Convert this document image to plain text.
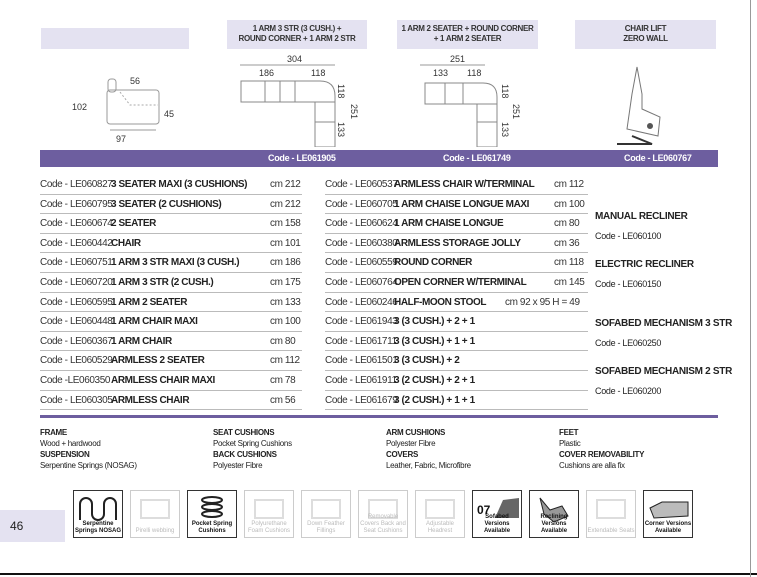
1 ARM 3 STR (3 CUSH.) +
ROUND CORNER + 1 ARM 2 STR
1 ARM 2 SEATER + ROUND CORNER
+ 1 ARM 2 SEATER
CHAIR LIFT
ZERO WALL
56
102
45
97
304
186	118
118
133
251
251
133 118
118
133
251
Code - LE061905	Code - LE061749	Code - LE060767
Code - LE060827
3 SEATER MAXI (3 CUSHIONS) cm 212
Code - LE060795
3 SEATER (2 CUSHIONS)	cm 212
Code - LE060674
2 SEATER	cm 158
Code - LE060442
CHAIR	cm 101
Code - LE060751
1 ARM 3 STR MAXI (3 CUSH.)	cm 186
Code - LE060720
1 ARM 3 STR (2 CUSH.)	cm 175
Code - LE060595
1 ARM 2 SEATER	cm 133
Code - LE060448
1 ARM CHAIR MAXI	cm 100
Code - LE060367
1 ARM CHAIR	cm 80
Code - LE060529
ARMLESS 2 SEATER	cm 112
Code -LE060350 ARMLESS CHAIR MAXI	cm 78
Code - LE060305
ARMLESS CHAIR	cm 56
Code - LE060537
ARMLESS CHAIR W/TERMINAL cm 112
Code - LE060705
1 ARM CHAISE LONGUE MAXI cm 100
Code - LE060624
1 ARM CHAISE LONGUE	cm 80
Code - LE060380
ARMLESS STORAGE JOLLY	cm 36
Code - LE060559
ROUND CORNER	cm 118
Code - LE060764
OPEN CORNER W/TERMINAL	cm 145
Code - LE060246
HALF-MOON STOOL cm 92 x 95 H = 49
Code - LE061943
3 (3 CUSH.) + 2 + 1
Code - LE061711
3 (3 CUSH.) + 1 + 1
Code - LE061501
3 (3 CUSH.) + 2
Code - LE061911
3 (2 CUSH.) + 2 + 1
Code - LE061679
3 (2 CUSH.) + 1 + 1
MANUAL RECLINER
Code - LE060100
ELECTRIC RECLINER
Code - LE060150
SOFABED MECHANISM 3 STR
Code - LE060250
SOFABED MECHANISM 2 STR
Code - LE060200
FRAME
Wood + hardwood
SUSPENSION
Serpentine Springs (NOSAG)
SEAT CUSHIONS
Pocket Spring Cushions
BACK CUSHIONS
Polyester Fibre
ARM CUSHIONS
Polyester Fibre
COVERS
Leather, Fabric, Microfibre
FEET
Plastic
COVER REMOVABILITY
Cushions are alla fix
46	Serpentine Springs NOSAG	Pirelli webbing
Pocket Spring Cushions
Polyurethane Foam Cushions
Down Feather Fillings
Removable Covers Back and Seat Cushions
Adjustable Headrest
07
Sofabed Versions Available
Reclining Versions Available	Extendable Seats
Corner Versions Available
